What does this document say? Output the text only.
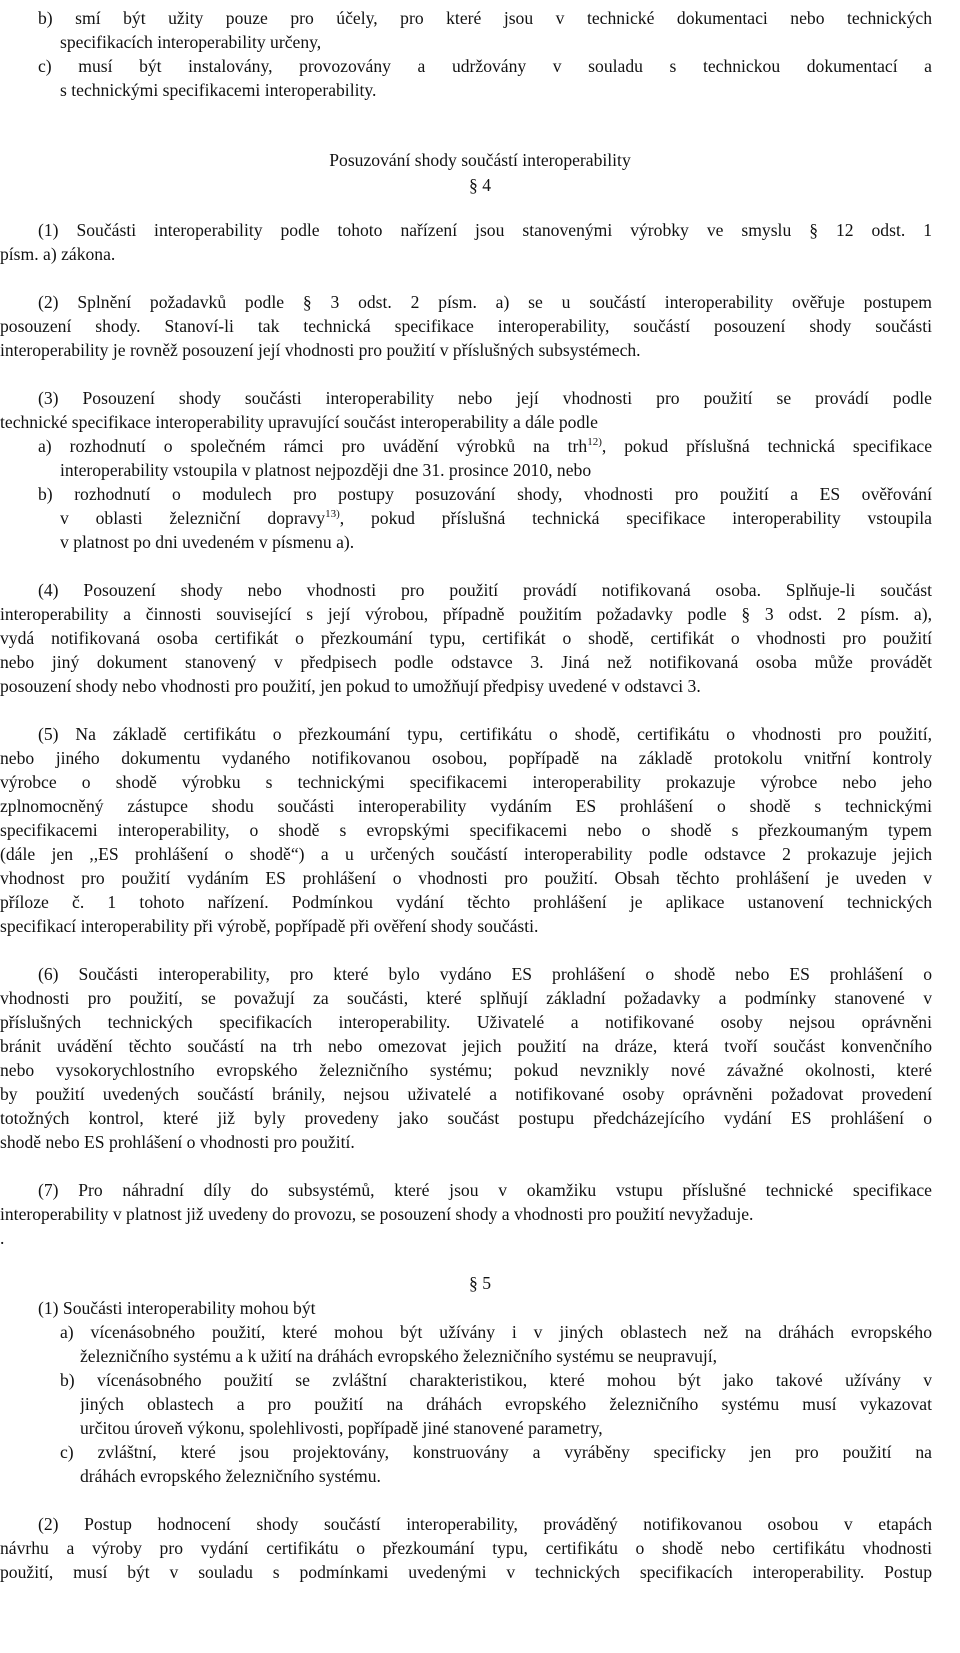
b) smí být užity pouze pro účely, pro které jsou v technické dokumentaci nebo technických
specifikacích interoperability určeny,
c) musí být instalovány, provozovány a udržovány v souladu s technickou dokumentací a
s technickými specifikacemi interoperability.
Posuzování shody součástí interoperability
§ 4
(1) Součásti interoperability podle tohoto nařízení jsou stanovenými výrobky ve smyslu § 12 odst. 1
písm. a) zákona.
(2) Splnění požadavků podle § 3 odst. 2 písm. a) se u součástí interoperability ověřuje postupem
posouzení shody. Stanoví-li tak technická specifikace interoperability, součástí posouzení shody součásti
interoperability je rovněž posouzení její vhodnosti pro použití v příslušných subsystémech.
(3) Posouzení shody součásti interoperability nebo její vhodnosti pro použití se provádí podle
technické specifikace interoperability upravující součást interoperability a dále podle
a) rozhodnutí o společném rámci pro uvádění výrobků na trh$^{12)}$, pokud příslušná technická specifikace
interoperability vstoupila v platnost nejpozději dne 31. prosince 2010, nebo
b) rozhodnutí o modulech pro postupy posuzování shody, vhodnosti pro použití a ES ověřování
v oblasti železniční dopravy$^{13)}$, pokud příslušná technická specifikace interoperability vstoupila
v platnost po dni uvedeném v písmenu a).
(4) Posouzení shody nebo vhodnosti pro použití provádí notifikovaná osoba. Splňuje-li součást
interoperability a činnosti související s její výrobou, případně použitím požadavky podle § 3 odst. 2 písm. a),
vydá notifikovaná osoba certifikát o přezkoumání typu, certifikát o shodě, certifikát o vhodnosti pro použití
nebo jiný dokument stanovený v předpisech podle odstavce 3. Jiná než notifikovaná osoba může provádět
posouzení shody nebo vhodnosti pro použití, jen pokud to umožňují předpisy uvedené v odstavci 3.
(5) Na základě certifikátu o přezkoumání typu, certifikátu o shodě, certifikátu o vhodnosti pro použití,
nebo jiného dokumentu vydaného notifikovanou osobou, popřípadě na základě protokolu vnitřní kontroly
výrobce o shodě výrobku s technickými specifikacemi interoperability prokazuje výrobce nebo jeho
zplnomocněný zástupce shodu součásti interoperability vydáním ES prohlášení o shodě s technickými
specifikacemi interoperability, o shodě s evropskými specifikacemi nebo o shodě s přezkoumaným typem
(dále jen ,,ES prohlášení o shodě“) a u určených součástí interoperability podle odstavce 2 prokazuje jejich
vhodnost pro použití vydáním ES prohlášení o vhodnosti pro použití. Obsah těchto prohlášení je uveden v
příloze č. 1 tohoto nařízení. Podmínkou vydání těchto prohlášení je aplikace ustanovení technických
specifikací interoperability při výrobě, popřípadě při ověření shody součásti.
(6) Součásti interoperability, pro které bylo vydáno ES prohlášení o shodě nebo ES prohlášení o
vhodnosti pro použití, se považují za součásti, které splňují základní požadavky a podmínky stanovené v
příslušných technických specifikacích interoperability. Uživatelé a notifikované osoby nejsou oprávněni
bránit uvádění těchto součástí na trh nebo omezovat jejich použití na dráze, která tvoří součást konvenčního
nebo vysokorychlostního evropského železničního systému; pokud nevznikly nové závažné okolnosti, které
by použití uvedených součástí bránily, nejsou uživatelé a notifikované osoby oprávněni požadovat provedení
totožných kontrol, které již byly provedeny jako součást postupu předcházejícího vydání ES prohlášení o
shodě nebo ES prohlášení o vhodnosti pro použití.
(7) Pro náhradní díly do subsystémů, které jsou v okamžiku vstupu příslušné technické specifikace
interoperability v platnost již uvedeny do provozu, se posouzení shody a vhodnosti pro použití nevyžaduje.
.
§ 5
(1) Součásti interoperability mohou být
a) vícenásobného použití, které mohou být užívány i v jiných oblastech než na dráhách evropského
železničního systému a k užití na dráhách evropského železničního systému se neupravují,
b) vícenásobného použití se zvláštní charakteristikou, které mohou být jako takové užívány v
jiných oblastech a pro použití na dráhách evropského železničního systému musí vykazovat
určitou úroveň výkonu, spolehlivosti, popřípadě jiné stanovené parametry,
c) zvláštní, které jsou projektovány, konstruovány a vyráběny specificky jen pro použití na
dráhách evropského železničního systému.
(2) Postup hodnocení shody součástí interoperability, prováděný notifikovanou osobou v etapách
návrhu a výroby pro vydání certifikátu o přezkoumání typu, certifikátu o shodě nebo certifikátu vhodnosti
použití, musí být v souladu s podmínkami uvedenými v technických specifikacích interoperability. Postup
